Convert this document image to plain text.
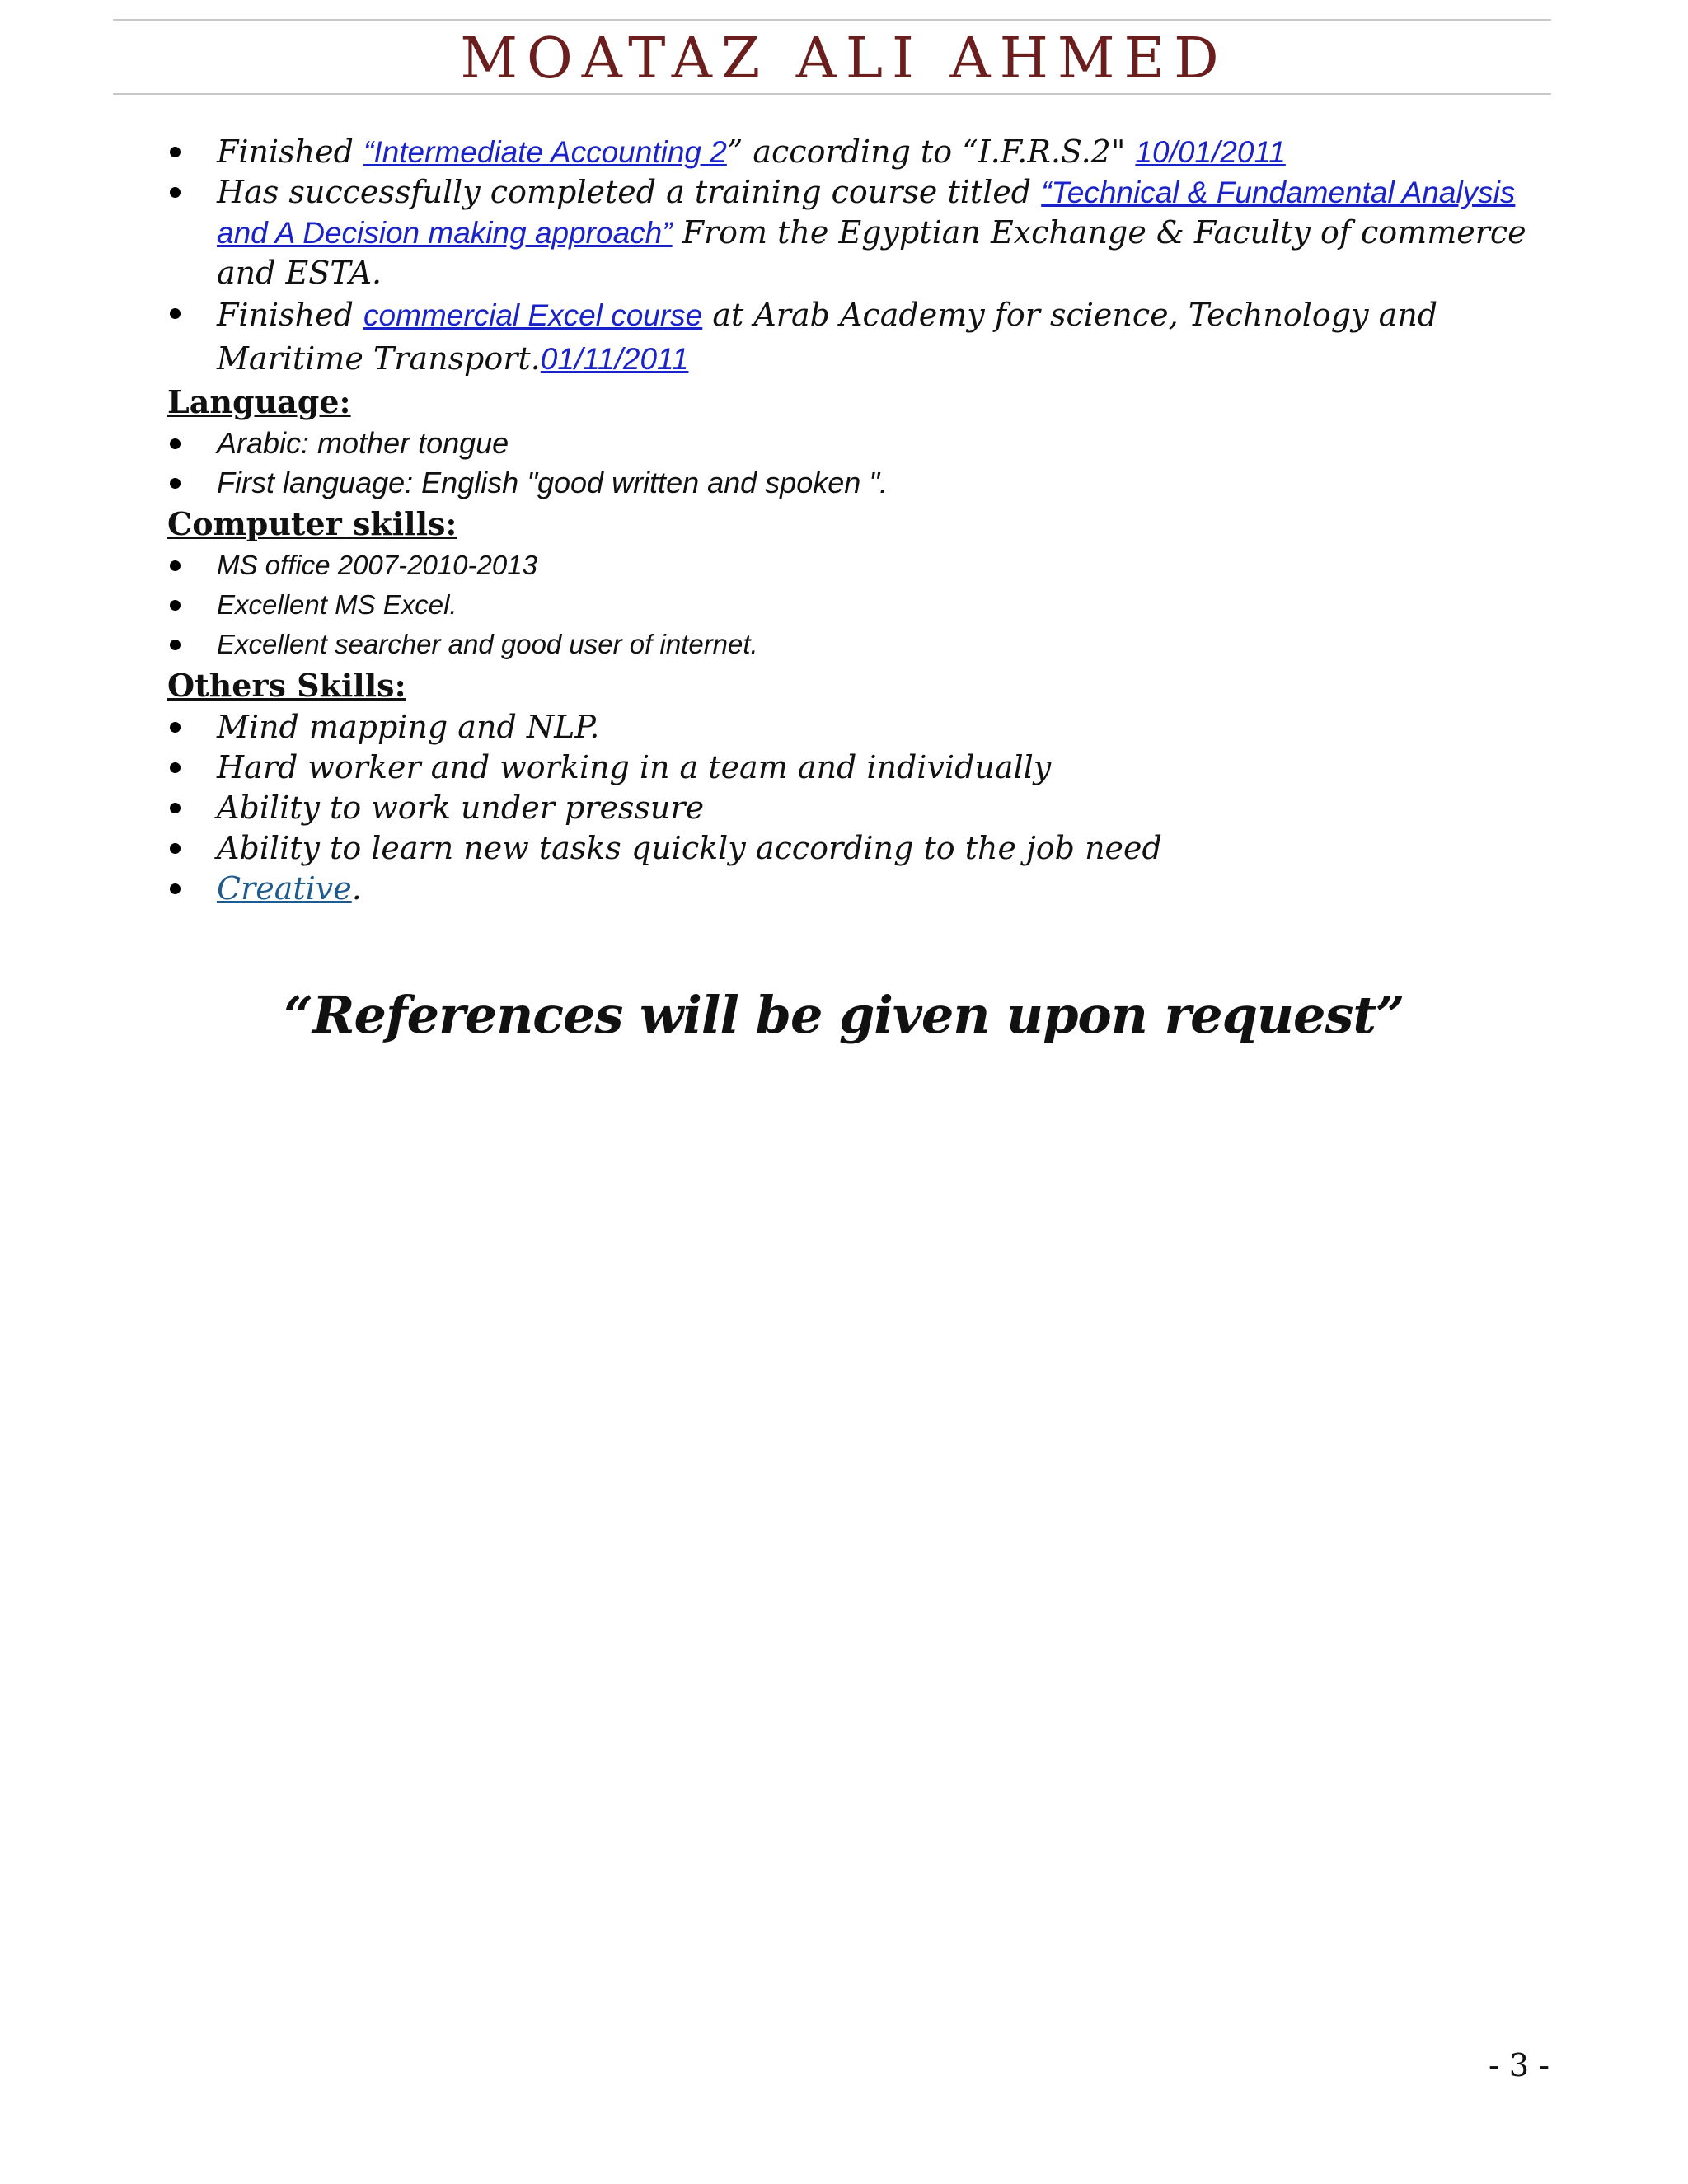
MOATAZ ALI AHMED
Finished “Intermediate Accounting 2” according to “I.F.R.S.2" 10/01/2011
Has successfully completed a training course titled “Technical & Fundamental Analysis and A Decision making approach” From the Egyptian Exchange & Faculty of commerce and ESTA.
Finished commercial Excel course at Arab Academy for science, Technology and Maritime Transport.01/11/2011
Language:
Arabic: mother tongue
First language: English "good written and spoken ".
Computer skills:
MS office 2007-2010-2013
Excellent MS Excel.
Excellent searcher and good user of internet.
Others Skills:
Mind mapping and NLP.
Hard worker and working in a team and individually
Ability to work under pressure
Ability to learn new tasks quickly according to the job need
Creative.
“References will be given upon request”
- 3 -
